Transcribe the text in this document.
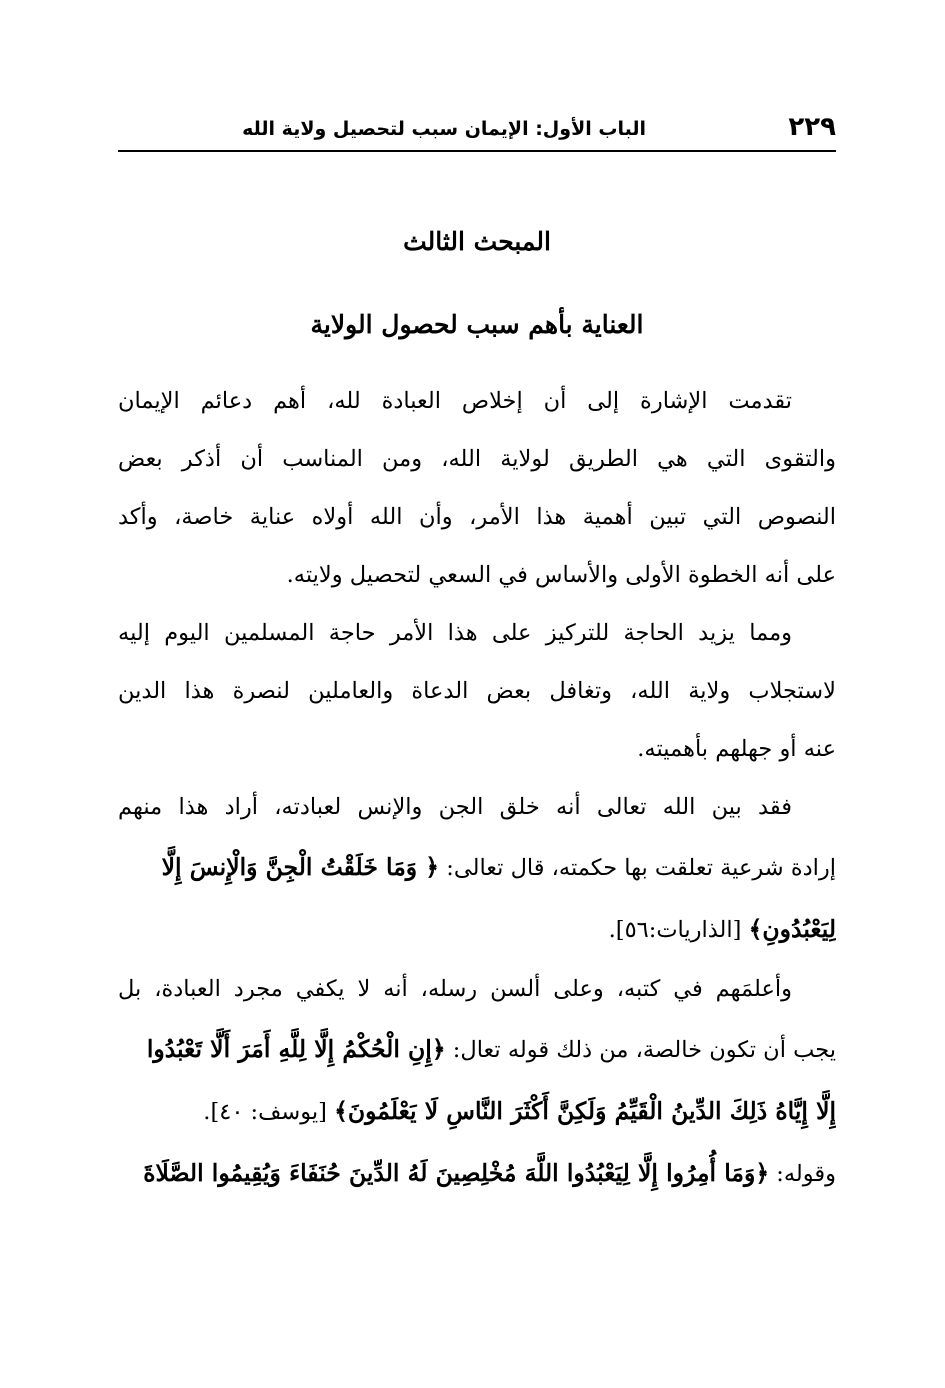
٢٢٩
الباب الأول: الإيمان سبب لتحصيل ولاية الله
المبحث الثالث
العناية بأهم سبب لحصول الولاية
تقدمت الإشارة إلى أن إخلاص العبادة لله، أهم دعائم الإيمان
والتقوى التي هي الطريق لولاية الله، ومن المناسب أن أذكر بعض
النصوص التي تبين أهمية هذا الأمر، وأن الله أولاه عناية خاصة، وأكد
على أنه الخطوة الأولى والأساس في السعي لتحصيل ولايته.
ومما يزيد الحاجة للتركيز على هذا الأمر حاجة المسلمين اليوم إليه
لاستجلاب ولاية الله، وتغافل بعض الدعاة والعاملين لنصرة هذا الدين
عنه أو جهلهم بأهميته.
فقد بين الله تعالى أنه خلق الجن والإنس لعبادته، أراد هذا منهم
إرادة شرعية تعلقت بها حكمته، قال تعالى: ﴿ وَمَا خَلَقْتُ الْجِنَّ وَالْإِنسَ إِلَّا
لِيَعْبُدُونِ﴾ [الذاريات:٥٦].
وأعلمَهم في كتبه، وعلى ألسن رسله، أنه لا يكفي مجرد العبادة، بل
يجب أن تكون خالصة، من ذلك قوله تعال: ﴿إِنِ الْحُكْمُ إِلَّا لِلَّهِ أَمَرَ أَلَّا تَعْبُدُوا
إِلَّا إِيَّاهُ ذَلِكَ الدِّينُ الْقَيِّمُ وَلَكِنَّ أَكْثَرَ النَّاسِ لَا يَعْلَمُونَ﴾ [يوسف: ٤٠].
وقوله: ﴿وَمَا أُمِرُوا إِلَّا لِيَعْبُدُوا اللَّهَ مُخْلِصِينَ لَهُ الدِّينَ حُنَفَاءَ وَيُقِيمُوا الصَّلَاةَ
